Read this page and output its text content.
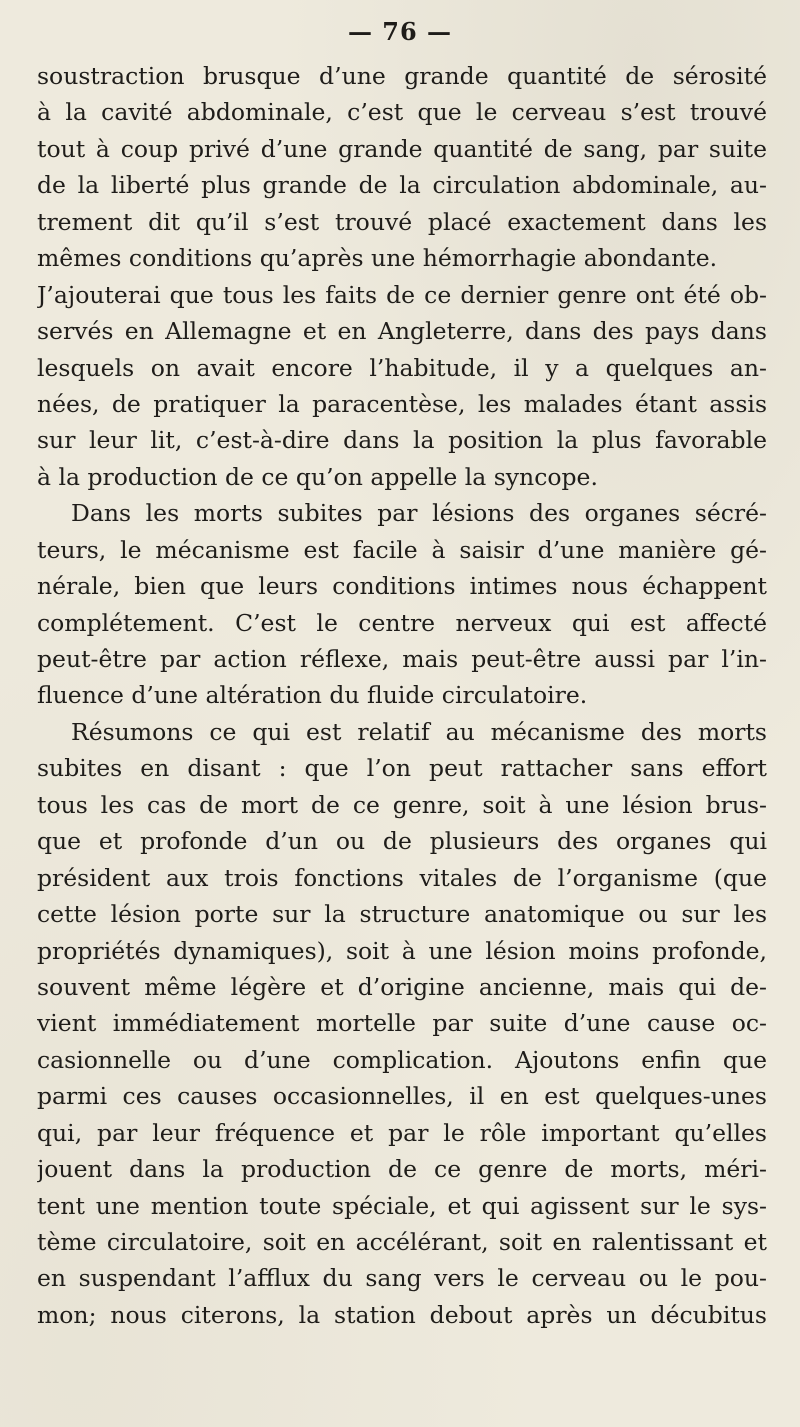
— 76 —
soustraction brusque d’une grande quantité de sérosité
à la cavité abdominale, c’est que le cerveau s’est trouvé
tout à coup privé d’une grande quantité de sang, par suite
de la liberté plus grande de la circulation abdominale, au-
trement dit qu’il s’est trouvé placé exactement dans les
mêmes conditions qu’après une hémorrhagie abondante.
J’ajouterai que tous les faits de ce dernier genre ont été ob-
servés en Allemagne et en Angleterre, dans des pays dans
lesquels on avait encore l’habitude, il y a quelques an-
nées, de pratiquer la paracentèse, les malades étant assis
sur leur lit, c’est-à-dire dans la position la plus favorable
à la production de ce qu’on appelle la syncope.
Dans les morts subites par lésions des organes sécré-
teurs, le mécanisme est facile à saisir d’une manière gé-
nérale, bien que leurs conditions intimes nous échappent
complétement. C’est le centre nerveux qui est affecté
peut-être par action réflexe, mais peut-être aussi par l’in-
fluence d’une altération du fluide circulatoire.
Résumons ce qui est relatif au mécanisme des morts
subites en disant : que l’on peut rattacher sans effort
tous les cas de mort de ce genre, soit à une lésion brus-
que et profonde d’un ou de plusieurs des organes qui
président aux trois fonctions vitales de l’organisme (que
cette lésion porte sur la structure anatomique ou sur les
propriétés dynamiques), soit à une lésion moins profonde,
souvent même légère et d’origine ancienne, mais qui de-
vient immédiatement mortelle par suite d’une cause oc-
casionnelle ou d’une complication. Ajoutons enfin que
parmi ces causes occasionnelles, il en est quelques-unes
qui, par leur fréquence et par le rôle important qu’elles
jouent dans la production de ce genre de morts, méri-
tent une mention toute spéciale, et qui agissent sur le sys-
tème circulatoire, soit en accélérant, soit en ralentissant et
en suspendant l’afflux du sang vers le cerveau ou le pou-
mon; nous citerons, la station debout après un décubitus
